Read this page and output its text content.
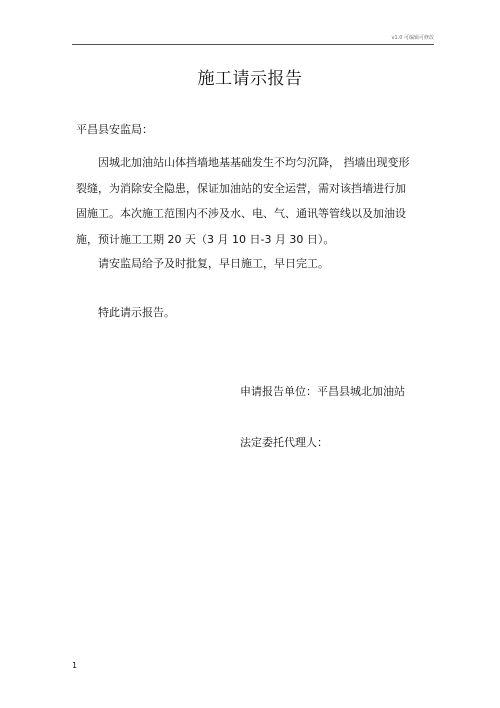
v1.0 可编辑可修改
施工请示报告
平昌县安监局：
因城北加油站山体挡墙地基基础发生不均匀沉降， 挡墙出现变形
裂缝，为消除安全隐患，保证加油站的安全运营，需对该挡墙进行加
固施工。本次施工范围内不涉及水、电、气、通讯等管线以及加油设
施，预计施工工期 20 天（3 月 10 日-3 月 30 日）。
请安监局给予及时批复，早日施工，早日完工。
特此请示报告。
申请报告单位：平昌县城北加油站
法定委托代理人：
1
